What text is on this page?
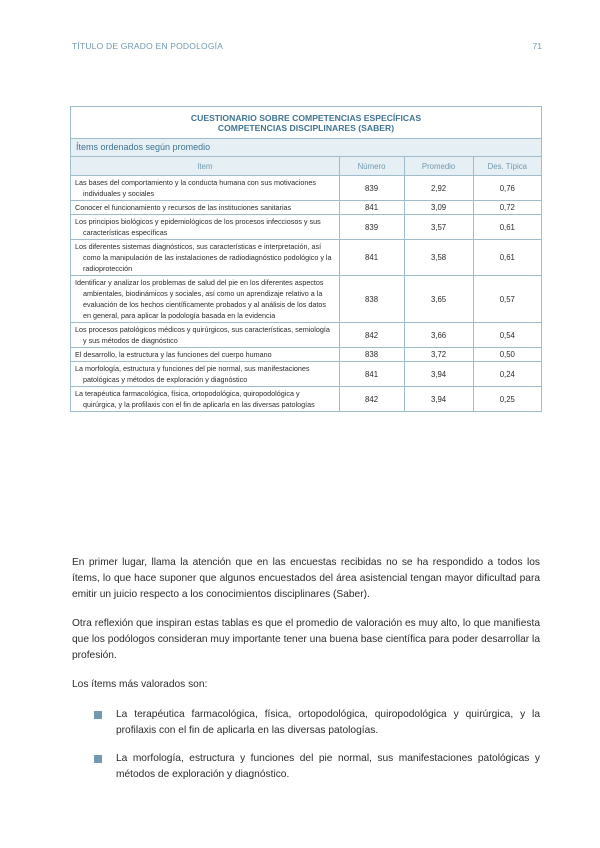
TÍTULO DE GRADO EN PODOLOGÍA	71
CUESTIONARIO SOBRE COMPETENCIAS ESPECÍFICAS
COMPETENCIAS DISCIPLINARES (SABER)			

Ítems ordenados según promedio			
Item	Número	Promedio	Des. Típica
Las bases del comportamiento y la conducta humana con sus motivaciones individuales y sociales	839	2,92	0,76
Conocer el funcionamiento y recursos de las instituciones sanitarias	841	3,09	0,72
Los principios biológicos y epidemiológicos de los procesos infecciosos y sus características específicas	839	3,57	0,61
Los diferentes sistemas diagnósticos, sus características e interpretación, así como la manipulación de las instalaciones de radiodiagnóstico podológico y la radioprotección	841	3,58	0,61
Identificar y analizar los problemas de salud del pie en los diferentes aspectos ambientales, biodinámicos y sociales, así como un aprendizaje relativo a la evaluación de los hechos científicamente probados y al análisis de los datos en general, para aplicar la podología basada en la evidencia	838	3,65	0,57
Los procesos patológicos médicos y quirúrgicos, sus características, semiología y sus métodos de diagnóstico	842	3,66	0,54
El desarrollo, la estructura y las funciones del cuerpo humano	838	3,72	0,50
La morfología, estructura y funciones del pie normal, sus manifestaciones patológicas y métodos de exploración y diagnóstico	841	3,94	0,24
La terapéutica farmacológica, física, ortopodológica, quiropodológica y quirúrgica, y la profilaxis con el fin de aplicarla en las diversas patologías	842	3,94	0,25

En primer lugar, llama la atención que en las encuestas recibidas no se ha respondido a todos los ítems, lo que hace suponer que algunos encuestados del área asistencial tengan mayor dificultad para emitir un juicio respecto a los conocimientos disciplinares (Saber).

Otra reflexión que inspiran estas tablas es que el promedio de valoración es muy alto, lo que manifiesta que los podólogos consideran muy importante tener una buena base científica para poder desarrollar la profesión.

Los ítems más valorados son:

La terapéutica farmacológica, física, ortopodológica, quiropodológica y quirúrgica, y la profilaxis con el fin de aplicarla en las diversas patologías.
La morfología, estructura y funciones del pie normal, sus manifestaciones patológicas y métodos de exploración y diagnóstico.
